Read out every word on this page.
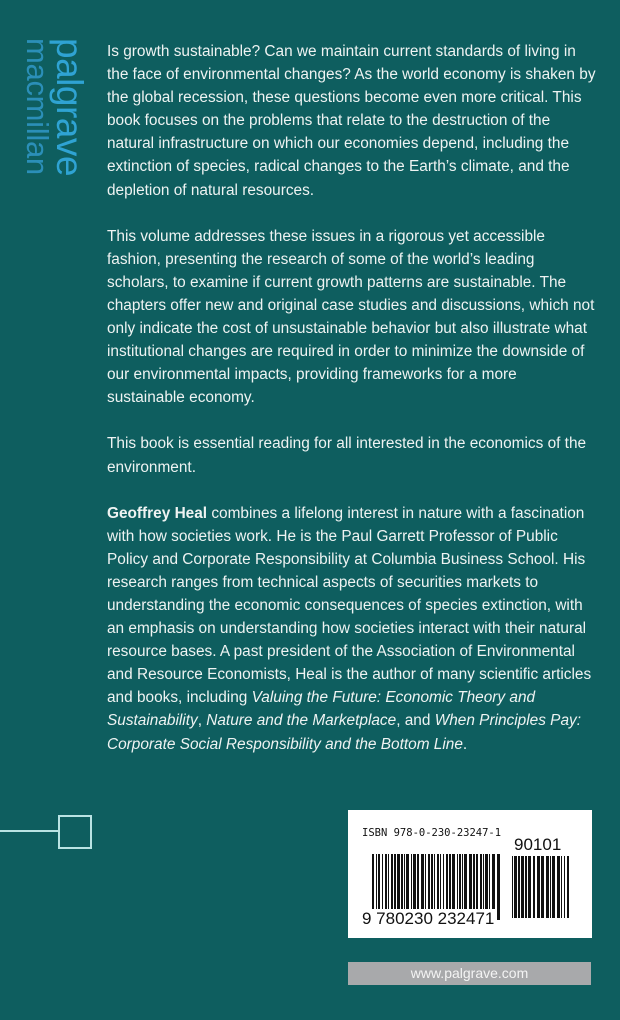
palgrave
macmillan	Is growth sustainable? Can we maintain current standards of living in the face of environmental changes? As the world economy is shaken by the global recession, these questions become even more critical. This book focuses on the problems that relate to the destruction of the natural infrastructure on which our economies depend, including the extinction of species, radical changes to the Earth’s climate, and the depletion of natural resources.

This volume addresses these issues in a rigorous yet accessible fashion, presenting the research of some of the world’s leading scholars, to examine if current growth patterns are sustainable. The chapters offer new and original case studies and discussions, which not only indicate the cost of unsustainable behavior but also illustrate what institutional changes are required in order to minimize the downside of our environmental impacts, providing frameworks for a more sustainable economy.

This book is essential reading for all interested in the economics of the environment.

Geoffrey Heal combines a lifelong interest in nature with a fascination with how societies work. He is the Paul Garrett Professor of Public Policy and Corporate Responsibility at Columbia Business School. His research ranges from technical aspects of securities markets to understanding the economic consequences of species extinction, with an emphasis on understanding how societies interact with their natural resource bases. A past president of the Association of Environmental and Resource Economists, Heal is the author of many scientific articles and books, including Valuing the Future: Economic Theory and Sustainability, Nature and the Marketplace, and When Principles Pay: Corporate Social Responsibility and the Bottom Line.

ISBN 978-0-230-23247-1
9 780230 232471
90101
www.palgrave.com
